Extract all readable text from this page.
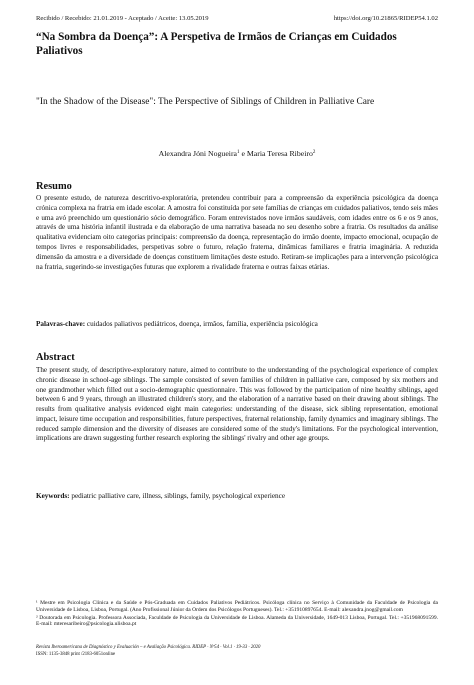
Recibido / Recebido: 21.01.2019 - Aceptado / Aceite: 13.05.2019	https://doi.org/10.21865/RIDEP54.1.02
“Na Sombra da Doença”: A Perspetiva de Irmãos de Crianças em Cuidados Paliativos
"In the Shadow of the Disease": The Perspective of Siblings of Children in Palliative Care
Alexandra Jóni Nogueira$^1$ e Maria Teresa Ribeiro$^2$
Resumo

O presente estudo, de natureza descritivo-exploratória, pretendeu contribuir para a compreensão da experiência psicológica da doença crónica complexa na fratria em idade escolar. A amostra foi constituída por sete famílias de crianças em cuidados paliativos, tendo seis mães e uma avó preenchido um questionário sócio demográfico. Foram entrevistados nove irmãos saudáveis, com idades entre os 6 e os 9 anos, através de uma história infantil ilustrada e da elaboração de uma narrativa baseada no seu desenho sobre a fratria. Os resultados da análise qualitativa evidenciam oito categorias principais: compreensão da doença, representação do irmão doente, impacto emocional, ocupação de tempos livres e responsabilidades, perspetivas sobre o futuro, relação fraterna, dinâmicas familiares e fratria imaginária. A reduzida dimensão da amostra e a diversidade de doenças constituem limitações deste estudo. Retiram-se implicações para a intervenção psicológica na fratria, sugerindo-se investigações futuras que explorem a rivalidade fraterna e outras faixas etárias.

Palavras-chave: cuidados paliativos pediátricos, doença, irmãos, família, experiência psicológica
Abstract

The present study, of descriptive-exploratory nature, aimed to contribute to the understanding of the psychological experience of complex chronic disease in school-age siblings. The sample consisted of seven families of children in palliative care, composed by six mothers and one grandmother which filled out a socio-demographic questionnaire. This was followed by the participation of nine healthy siblings, aged between 6 and 9 years, through an illustrated children's story, and the elaboration of a narrative based on their drawing about siblings. The results from qualitative analysis evidenced eight main categories: understanding of the disease, sick sibling representation, emotional impact, leisure time occupation and responsibilities, future perspectives, fraternal relationship, family dynamics and imaginary siblings. The reduced sample dimension and the diversity of diseases are considered some of the study's limitations. For the psychological intervention, implications are drawn suggesting further research exploring the siblings' rivalry and other age groups.

Keywords: pediatric palliative care, illness, siblings, family, psychological experience

¹ Mestre em Psicologia Clínica e da Saúde e Pós-Graduada em Cuidados Paliativos Pediátricos. Psicóloga clínica no Serviço à Comunidade da Faculdade de Psicologia da Universidade de Lisboa, Lisboa, Portugal. (Ano Profissional Júnior da Ordem dos Psicólogos Portugueses). Tel.: +351910897654. E-mail: alexandra.jnog@gmail.com

² Doutorada em Psicologia. Professora Associada, Faculdade de Psicologia da Universidade de Lisboa. Alameda da Universidade, 1649-013 Lisboa, Portugal. Tel.: +351968091599. E-mail: mteresaribeiro@psicologia.ulisboa.pt

Revista Iberoamericana de Diagnóstico y Evaluación – e Avaliação Psicológica. RIDEP · Nº54 · Vol.1 · 19-33 · 2020
ISSN: 1135-3848 print /2183-6051online
